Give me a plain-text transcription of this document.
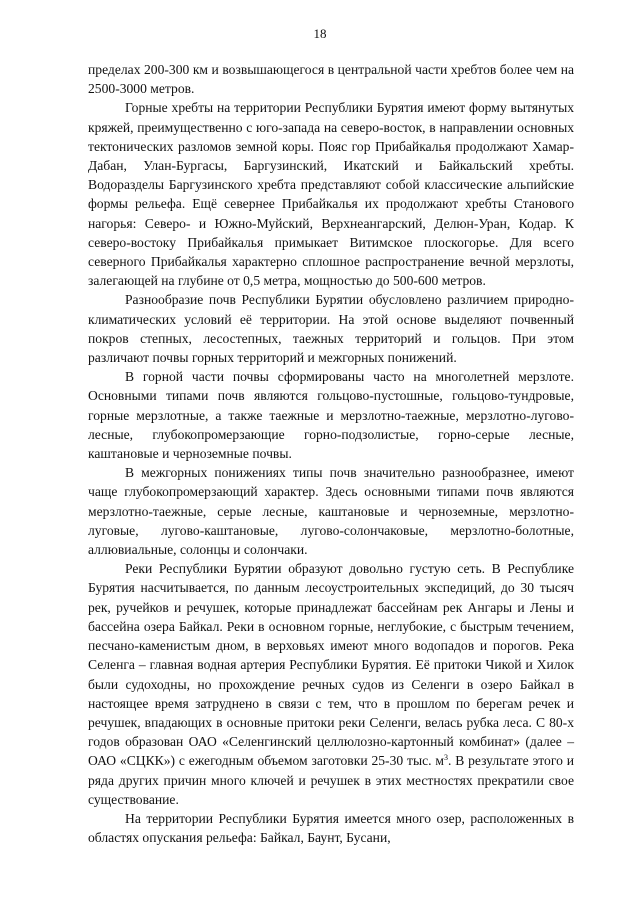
18

пределах 200-300 км и возвышающегося в центральной части хребтов более чем на 2500-3000 метров.

Горные хребты на территории Республики Бурятия имеют форму вытянутых кряжей, преимущественно с юго-запада на северо-восток, в направлении основных тектонических разломов земной коры. Пояс гор Прибайкалья продолжают Хамар-Дабан, Улан-Бургасы, Баргузинский, Икатский и Байкальский хребты. Водоразделы Баргузинского хребта представляют собой классические альпийские формы рельефа. Ещё севернее Прибайкалья их продолжают хребты Станового нагорья: Северо- и Южно-Муйский, Верхнеангарский, Делюн-Уран, Кодар. К северо-востоку Прибайкалья примыкает Витимское плоскогорье. Для всего северного Прибайкалья характерно сплошное распространение вечной мерзлоты, залегающей на глубине от 0,5 метра, мощностью до 500-600 метров.

Разнообразие почв Республики Бурятии обусловлено различием природно-климатических условий её территории. На этой основе выделяют почвенный покров степных, лесостепных, таежных территорий и гольцов. При этом различают почвы горных территорий и межгорных понижений.

В горной части почвы сформированы часто на многолетней мерзлоте. Основными типами почв являются гольцово-пустошные, гольцово-тундровые, горные мерзлотные, а также таежные и мерзлотно-таежные, мерзлотно-лугово-лесные, глубокопромерзающие горно-подзолистые, горно-серые лесные, каштановые и черноземные почвы.

В межгорных понижениях типы почв значительно разнообразнее, имеют чаще глубокопромерзающий характер. Здесь основными типами почв являются мерзлотно-таежные, серые лесные, каштановые и черноземные, мерзлотно-луговые, лугово-каштановые, лугово-солончаковые, мерзлотно-болотные, аллювиальные, солонцы и солончаки.

Реки Республики Бурятии образуют довольно густую сеть. В Республике Бурятия насчитывается, по данным лесоустроительных экспедиций, до 30 тысяч рек, ручейков и речушек, которые принадлежат бассейнам рек Ангары и Лены и бассейна озера Байкал. Реки в основном горные, неглубокие, с быстрым течением, песчано-каменистым дном, в верховьях имеют много водопадов и порогов. Река Селенга – главная водная артерия Республики Бурятия. Её притоки Чикой и Хилок были судоходны, но прохождение речных судов из Селенги в озеро Байкал в настоящее время затруднено в связи с тем, что в прошлом по берегам речек и речушек, впадающих в основные притоки реки Селенги, велась рубка леса. С 80-х годов образован ОАО «Селенгинский целлюлозно-картонный комбинат» (далее – ОАО «СЦКК») с ежегодным объемом заготовки 25-30 тыс. $м^3$. В результате этого и ряда других причин много ключей и речушек в этих местностях прекратили свое существование.

На территории Республики Бурятия имеется много озер, расположенных в областях опускания рельефа: Байкал, Баунт, Бусани,
